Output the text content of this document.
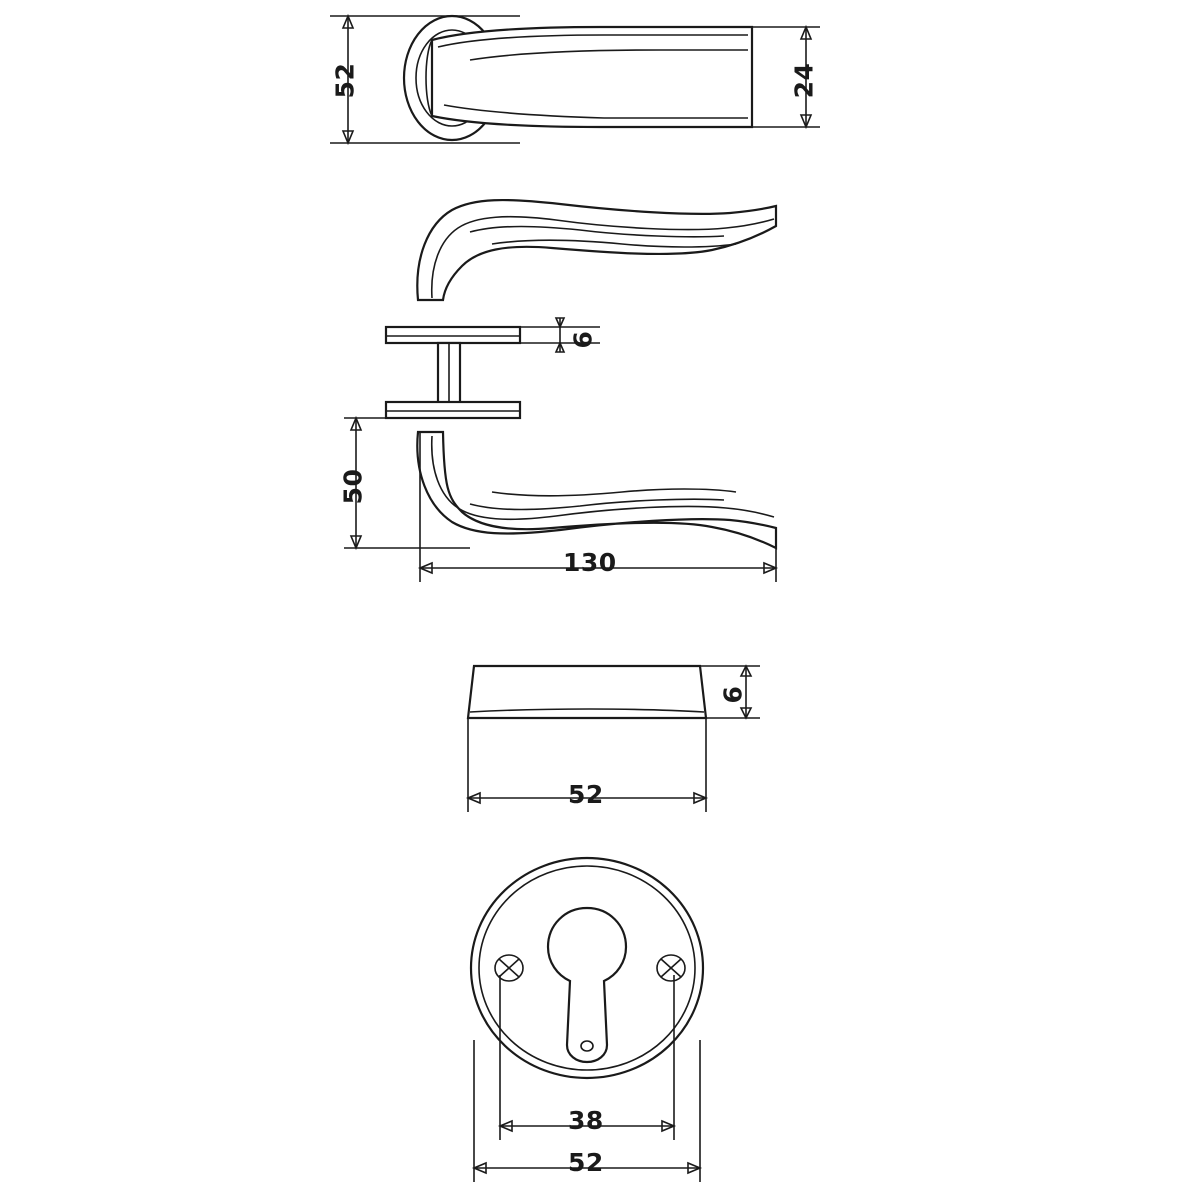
52	24
6
50
130
6
52
38
52
